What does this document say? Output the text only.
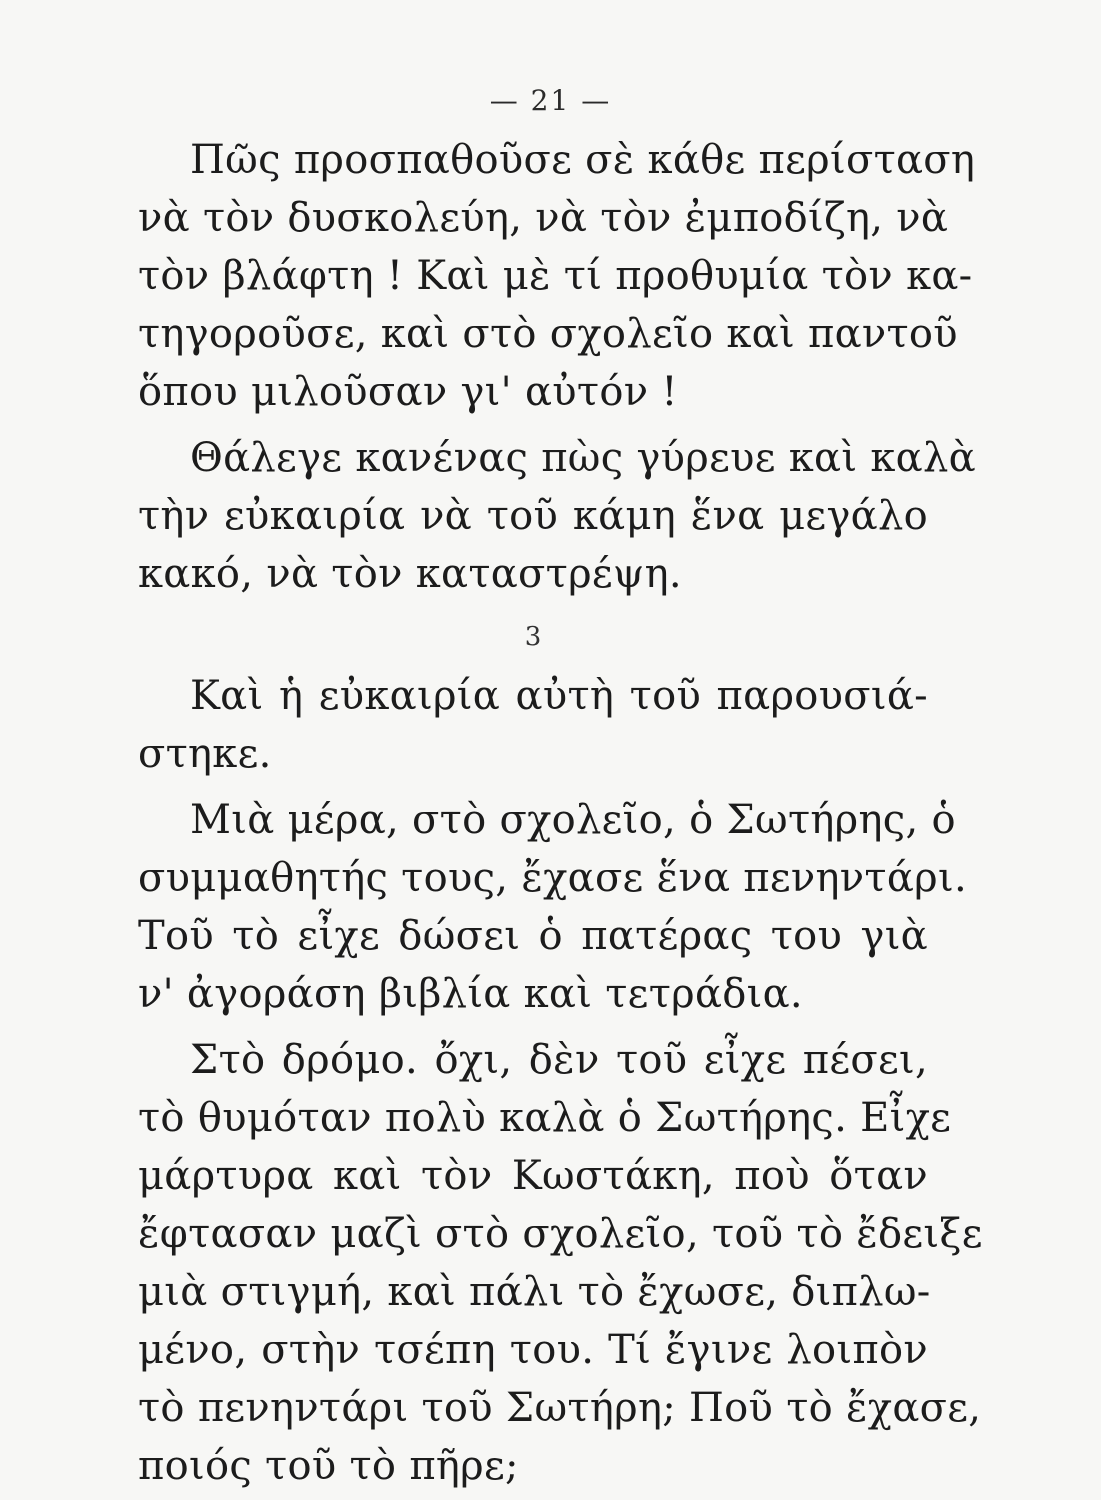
— 21 —
Πῶς προσπαθοῦσε σὲ κάθε περίσταση
νὰ τὸν δυσκολεύη, νὰ τὸν ἐμποδίζη, νὰ
τὸν βλάφτη ! Καὶ μὲ τί προθυμία τὸν κα-
τηγοροῦσε, καὶ στὸ σχολεῖο καὶ παντοῦ
ὅπου μιλοῦσαν γι' αὐτόν !
Θάλεγε κανένας πὼς γύρευε καὶ καλὰ
τὴν εὐκαιρία νὰ τοῦ κάμη ἕνα μεγάλο
κακό, νὰ τὸν καταστρέψη.
3
Καὶ ἡ εὐκαιρία αὐτὴ τοῦ παρουσιά-
στηκε.
Μιὰ μέρα, στὸ σχολεῖο, ὁ Σωτήρης, ὁ
συμμαθητής τους, ἔχασε ἕνα πενηντάρι.
Τοῦ τὸ εἶχε δώσει ὁ πατέρας του γιὰ
ν' ἀγοράση βιβλία καὶ τετράδια.
Στὸ δρόμο. ὄχι, δὲν τοῦ εἶχε πέσει,
τὸ θυμόταν πολὺ καλὰ ὁ Σωτήρης. Εἶχε
μάρτυρα καὶ τὸν Κωστάκη, ποὺ ὅταν
ἔφτασαν μαζὶ στὸ σχολεῖο, τοῦ τὸ ἔδειξε
μιὰ στιγμή, καὶ πάλι τὸ ἔχωσε, διπλω-
μένο, στὴν τσέπη του. Τί ἔγινε λοιπὸν
τὸ πενηντάρι τοῦ Σωτήρη; Ποῦ τὸ ἔχασε,
ποιός τοῦ τὸ πῆρε;
